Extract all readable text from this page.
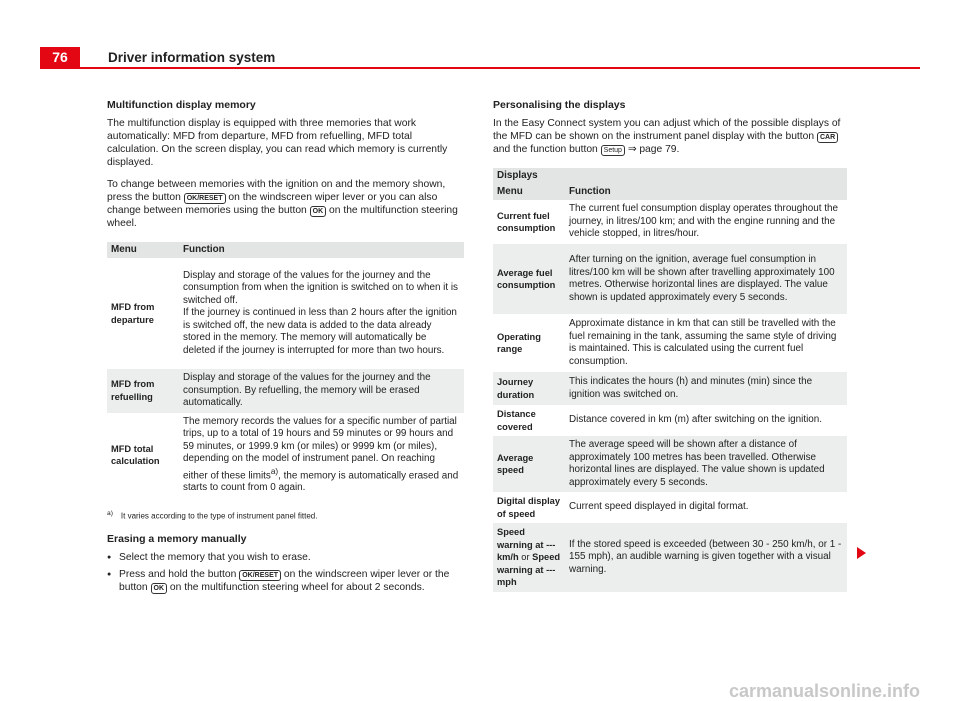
76	Driver information system
Multifunction display memory

The multifunction display is equipped with three memories that work automatically: MFD from departure, MFD from refuelling, MFD total calculation. On the screen display, you can read which memory is currently displayed.

To change between memories with the ignition on and the memory shown, press the button OK/RESET on the windscreen wiper lever or you can also change between memories using the button OK on the multifunction steering wheel.

Menu	Function
MFD from departure	Display and storage of the values for the journey and the consumption from when the ignition is switched on to when it is switched off.
If the journey is continued in less than 2 hours after the ignition is switched off, the new data is added to the data already stored in the memory. The memory will automatically be deleted if the journey is interrupted for more than two hours.
MFD from refuelling	Display and storage of the values for the journey and the consumption. By refuelling, the memory will be erased automatically.
MFD total calculation	The memory records the values for a specific number of partial trips, up to a total of 19 hours and 59 minutes or 99 hours and 59 minutes, or 1999.9 km (or miles) or 9999 km (or miles), depending on the model of instrument panel. On reaching either of these limits$^{a)}$, the memory is automatically erased and starts to count from 0 again.
$^{a)}$ It varies according to the type of instrument panel fitted.
Erasing a memory manually
● Select the memory that you wish to erase.
● Press and hold the button OK/RESET on the windscreen wiper lever or the button OK on the multifunction steering wheel for about 2 seconds.
Personalising the displays

In the Easy Connect system you can adjust which of the possible displays of the MFD can be shown on the instrument panel display with the button CAR and the function button Setup ⇒ page 79.

Displays	
Menu	Function
Current fuel consumption	The current fuel consumption display operates throughout the journey, in litres/100 km; and with the engine running and the vehicle stopped, in litres/hour.
Average fuel consumption	After turning on the ignition, average fuel consumption in litres/100 km will be shown after travelling approximately 100 metres. Otherwise horizontal lines are displayed. The value shown is updated approximately every 5 seconds.
Operating range	Approximate distance in km that can still be travelled with the fuel remaining in the tank, assuming the same style of driving is maintained. This is calculated using the current fuel consumption.
Journey duration	This indicates the hours (h) and minutes (min) since the ignition was switched on.
Distance covered	Distance covered in km (m) after switching on the ignition.
Average speed	The average speed will be shown after a distance of approximately 100 metres has been travelled. Otherwise horizontal lines are displayed. The value shown is updated approximately every 5 seconds.
Digital display of speed	Current speed displayed in digital format.
Speed warning at --- km/h or Speed warning at --- mph	If the stored speed is exceeded (between 30 - 250 km/h, or 1 - 155 mph), an audible warning is given together with a visual warning.
carmanualsonline.info
